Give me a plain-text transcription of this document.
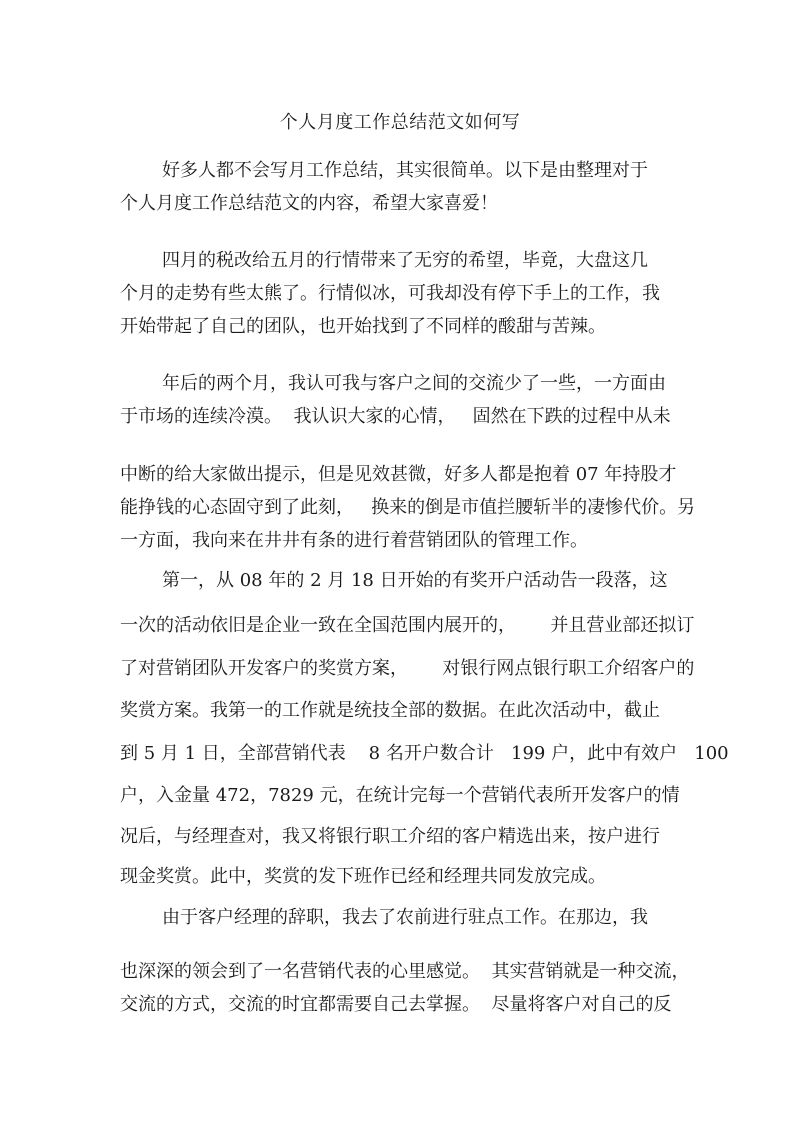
个人月度工作总结范文如何写
好多人都不会写月工作总结，其实很简单。以下是由整理对于
个人月度工作总结范文的内容，希望大家喜爱！
四月的税改给五月的行情带来了无穷的希望，毕竟，大盘这几
个月的走势有些太熊了。行情似冰，可我却没有停下手上的工作，我
开始带起了自己的团队，也开始找到了不同样的酸甜与苦辣。
年后的两个月，我认可我与客户之间的交流少了一些，一方面由
于市场的连续冷漠。  我认识大家的心情，   固然在下跌的过程中从未
中断的给大家做出提示，但是见效甚微，好多人都是抱着 07 年持股才
能挣钱的心态固守到了此刻，   换来的倒是市值拦腰斩半的凄惨代价。另
一方面，我向来在井井有条的进行着营销团队的管理工作。
第一，从 08 年的 2 月 18 日开始的有奖开户活动告一段落，这
一次的活动依旧是企业一致在全国范围内展开的，      并且营业部还拟订
了对营销团队开发客户的奖赏方案，      对银行网点银行职工介绍客户的
奖赏方案。我第一的工作就是统技全部的数据。在此次活动中，截止
到 5 月 1 日，全部营销代表    8 名开户数合计   199 户，此中有效户   100
户，入金量 472，7829 元，在统计完每一个营销代表所开发客户的情
况后，与经理查对，我又将银行职工介绍的客户精选出来，按户进行
现金奖赏。此中，奖赏的发下班作已经和经理共同发放完成。
由于客户经理的辞职，我去了农前进行驻点工作。在那边，我
也深深的领会到了一名营销代表的心里感觉。  其实营销就是一种交流，
交流的方式，交流的时宜都需要自己去掌握。  尽量将客户对自己的反
